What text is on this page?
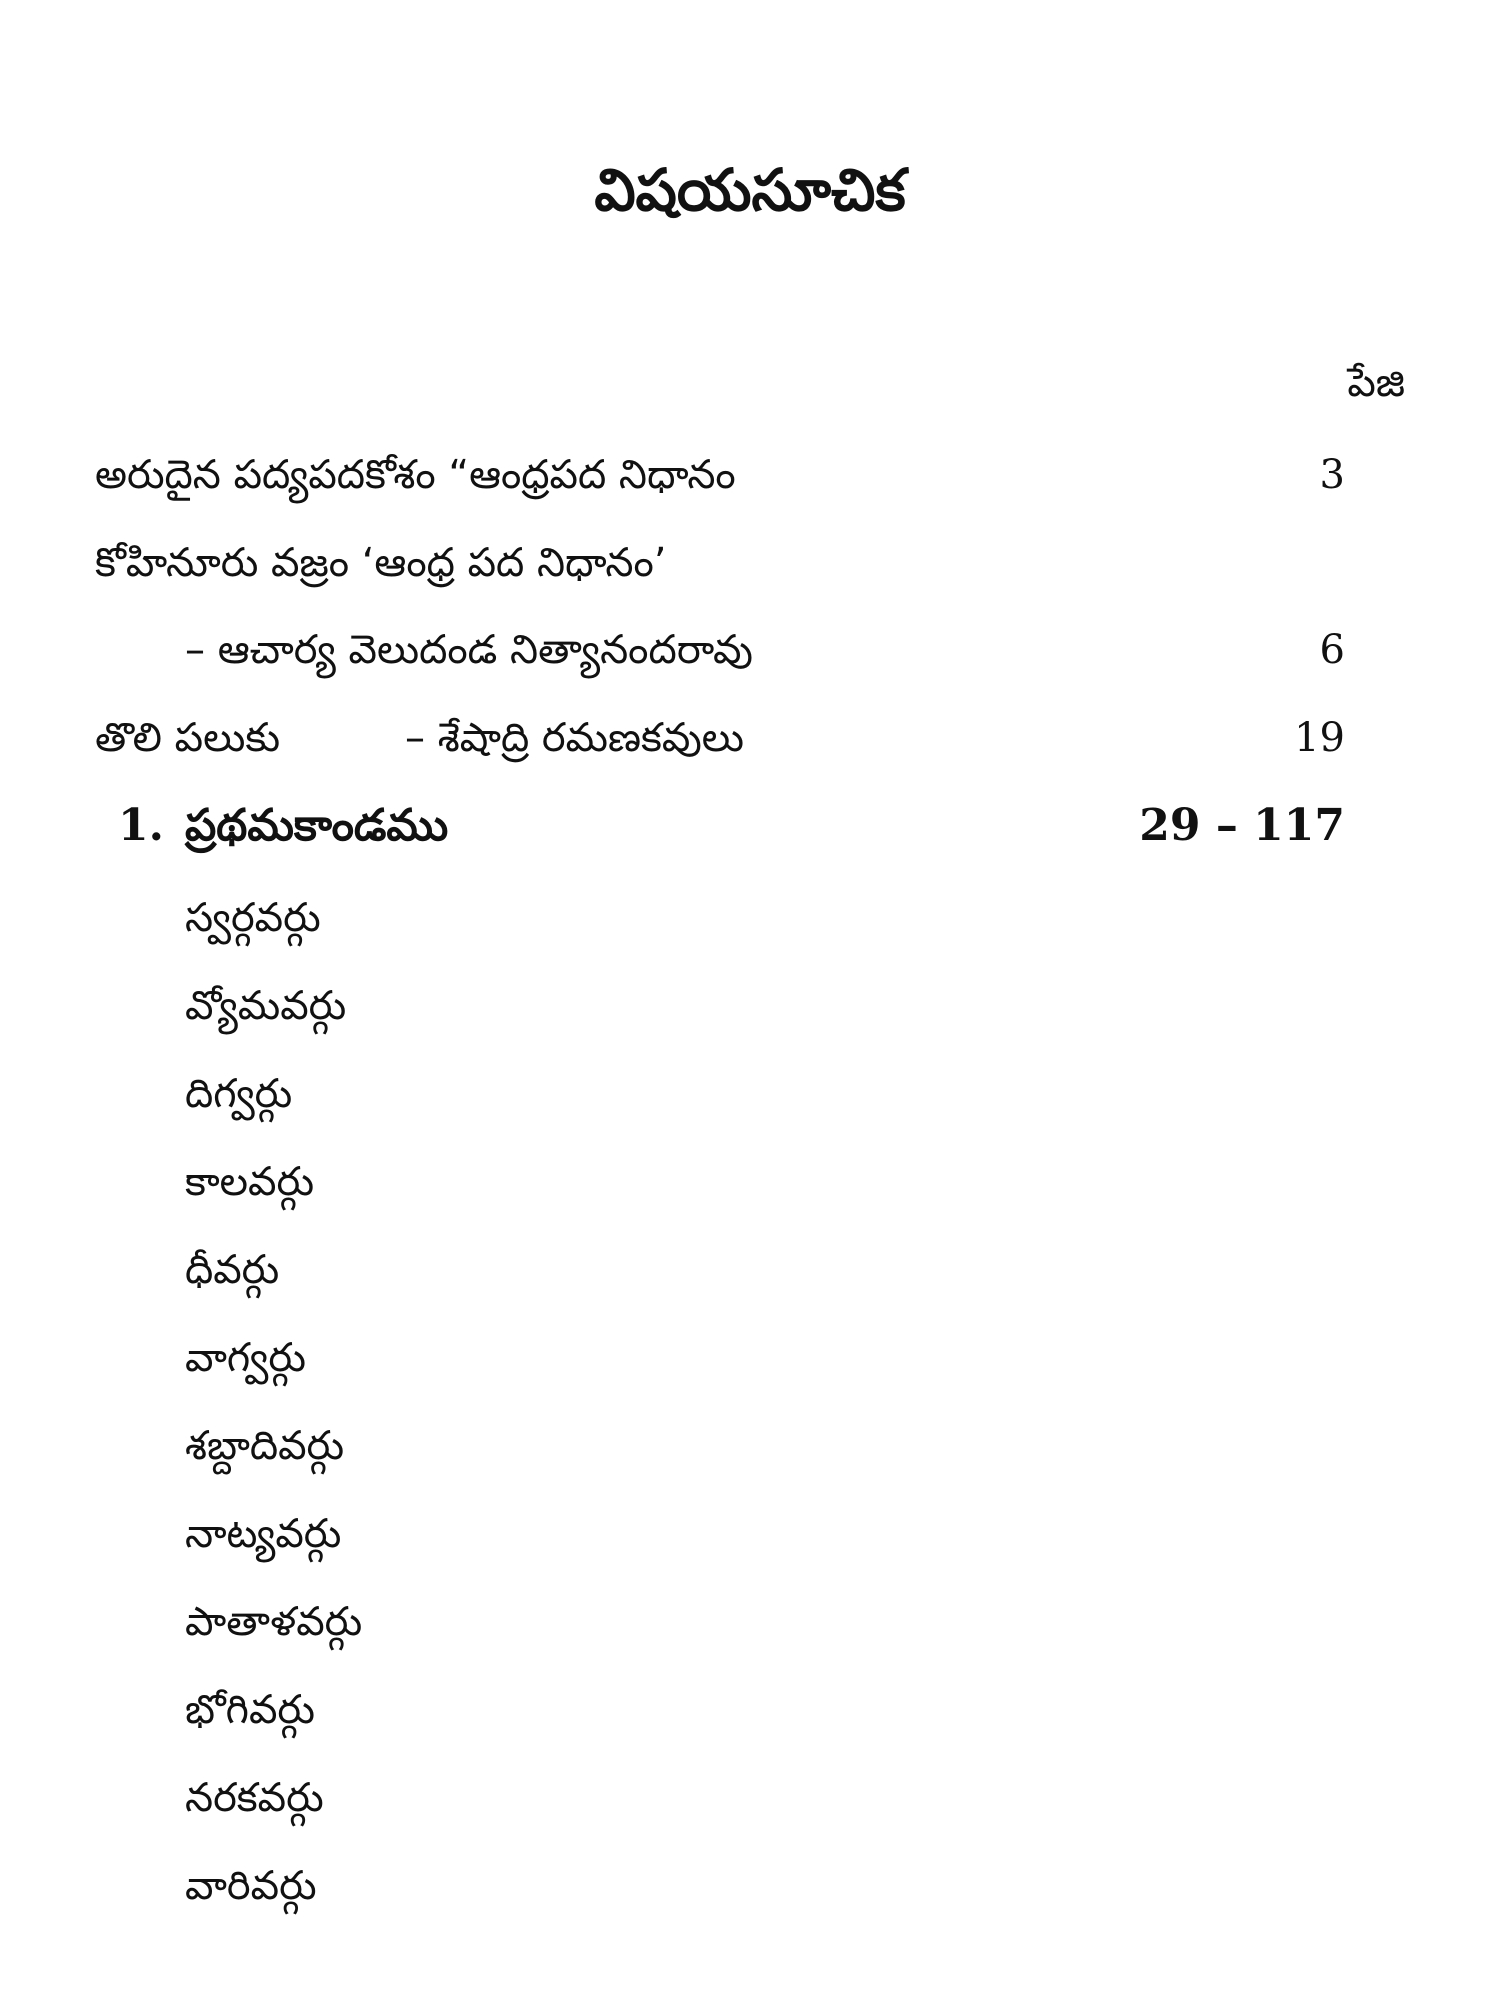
విషయసూచిక
పేజి
అరుదైన పద్యపదకోశం “ఆంధ్రపద నిధానం	3
కోహినూరు వజ్రం ‘ఆంధ్ర పద నిధానం’
– ఆచార్య వెలుదండ నిత్యానందరావు	6
తొలి పలుకు	– శేషాద్రి రమణకవులు	19
1. ప్రథమకాండము	29 – 117
స్వర్గవర్గు
వ్యోమవర్గు
దిగ్వర్గు
కాలవర్గు
ధీవర్గు
వాగ్వర్గు
శబ్దాదివర్గు
నాట్యవర్గు
పాతాళవర్గు
భోగివర్గు
నరకవర్గు
వారివర్గు
